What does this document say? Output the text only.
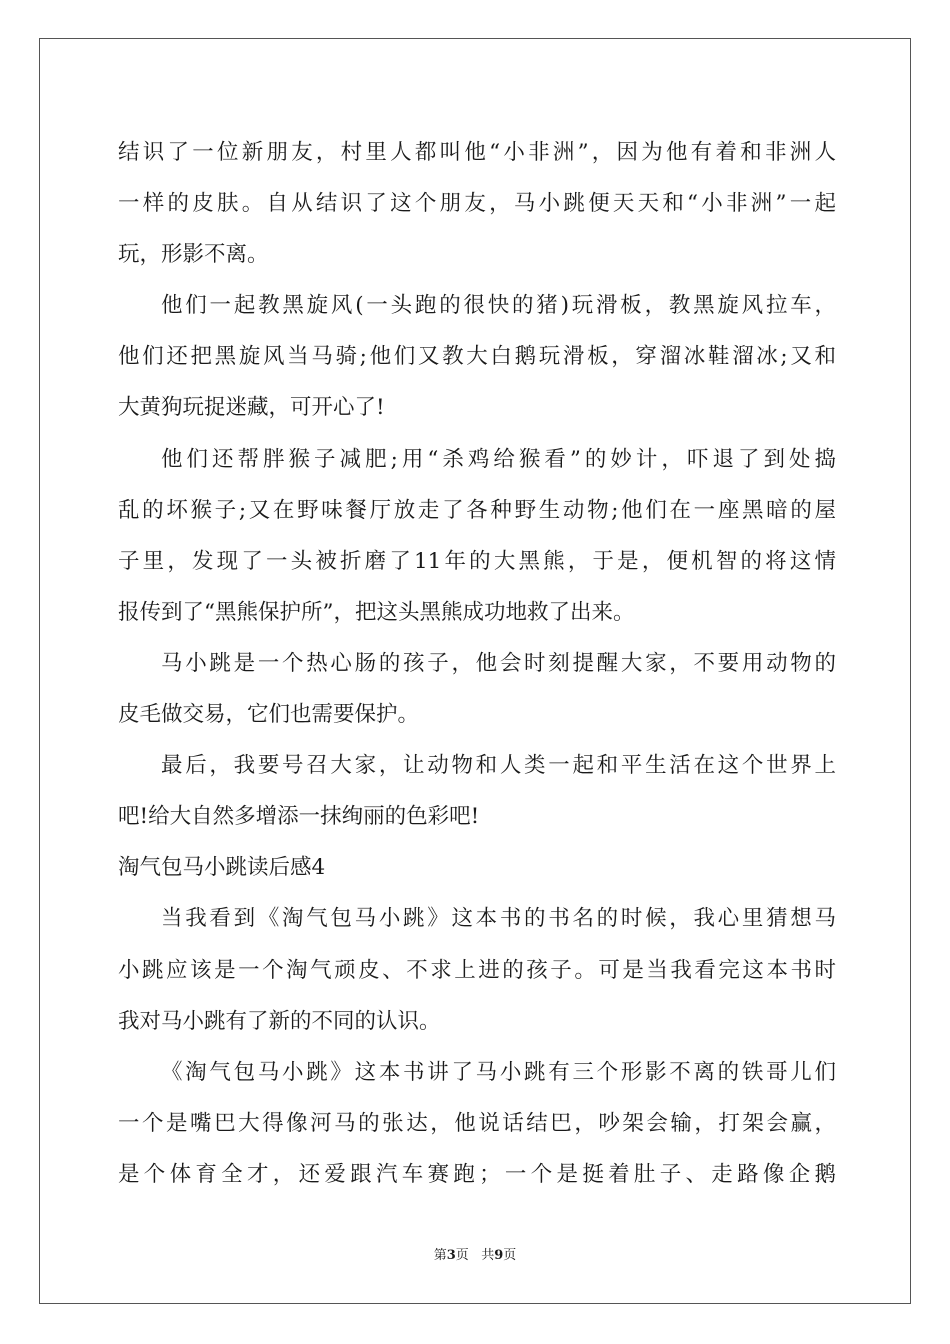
结识了一位新朋友，村里人都叫他“小非洲”，因为他有着和非洲人
一样的皮肤。自从结识了这个朋友，马小跳便天天和“小非洲”一起
玩，形影不离。
他们一起教黑旋风(一头跑的很快的猪)玩滑板，教黑旋风拉车，
他们还把黑旋风当马骑;他们又教大白鹅玩滑板，穿溜冰鞋溜冰;又和
大黄狗玩捉迷藏，可开心了!
他们还帮胖猴子减肥;用“杀鸡给猴看”的妙计，吓退了到处捣
乱的坏猴子;又在野味餐厅放走了各种野生动物;他们在一座黑暗的屋
子里，发现了一头被折磨了11年的大黑熊，于是，便机智的将这情
报传到了“黑熊保护所”，把这头黑熊成功地救了出来。
马小跳是一个热心肠的孩子，他会时刻提醒大家，不要用动物的
皮毛做交易，它们也需要保护。
最后，我要号召大家，让动物和人类一起和平生活在这个世界上
吧!给大自然多增添一抹绚丽的色彩吧!
淘气包马小跳读后感4
当我看到《淘气包马小跳》这本书的书名的时候，我心里猜想马
小跳应该是一个淘气顽皮、不求上进的孩子。可是当我看完这本书时
我对马小跳有了新的不同的认识。
《淘气包马小跳》这本书讲了马小跳有三个形影不离的铁哥儿们
一个是嘴巴大得像河马的张达，他说话结巴，吵架会输，打架会赢，
是个体育全才，还爱跟汽车赛跑；一个是挺着肚子、走路像企鹅
第3页 共9页
